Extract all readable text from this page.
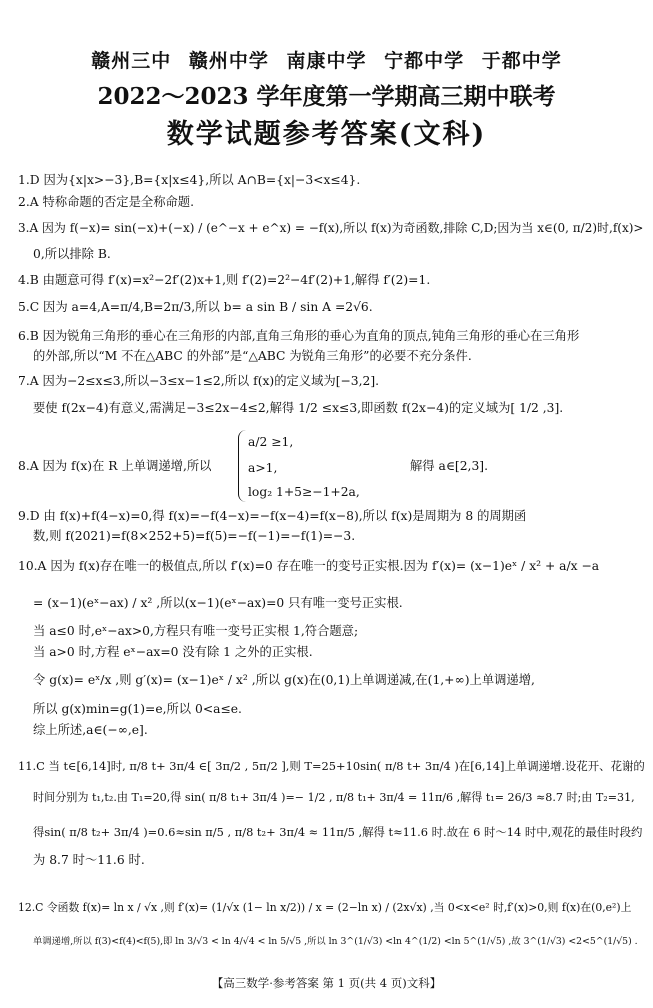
赣州三中 赣州中学 南康中学 宁都中学 于都中学
2022～2023 学年度第一学期高三期中联考
数学试题参考答案(文科)
1.D 因为{x|x>−3},B={x|x≤4},所以 A∩B={x|−3<x≤4}.
2.A 特称命题的否定是全称命题.
3.A 因为 f(−x)= sin(−x)+(−x) / (e^−x + e^x) = −f(x),所以 f(x)为奇函数,排除 C,D;因为当 x∈(0, π/2)时,f(x)>
0,所以排除 B.
4.B 由题意可得 f′(x)=x²−2f′(2)x+1,则 f′(2)=2²−4f′(2)+1,解得 f′(2)=1.
5.C 因为 a=4,A=π/4,B=2π/3,所以 b= a sin B / sin A =2√6.
6.B 因为锐角三角形的垂心在三角形的内部,直角三角形的垂心为直角的顶点,钝角三角形的垂心在三角形
的外部,所以“M 不在△ABC 的外部”是“△ABC 为锐角三角形”的必要不充分条件.
7.A 因为−2≤x≤3,所以−3≤x−1≤2,所以 f(x)的定义域为[−3,2].
要使 f(2x−4)有意义,需满足−3≤2x−4≤2,解得 1/2 ≤x≤3,即函数 f(2x−4)的定义域为[ 1/2 ,3].
8.A 因为 f(x)在 R 上单调递增,所以
a/2 ≥1,
a>1,
log₂ 1+5≥−1+2a,
解得 a∈[2,3].
9.D 由 f(x)+f(4−x)=0,得 f(x)=−f(4−x)=−f(x−4)=f(x−8),所以 f(x)是周期为 8 的周期函
数,则 f(2021)=f(8×252+5)=f(5)=−f(−1)=−f(1)=−3.
10.A 因为 f(x)存在唯一的极值点,所以 f′(x)=0 存在唯一的变号正实根.因为 f′(x)= (x−1)eˣ / x² + a/x −a
= (x−1)(eˣ−ax) / x² ,所以(x−1)(eˣ−ax)=0 只有唯一变号正实根.
当 a≤0 时,eˣ−ax>0,方程只有唯一变号正实根 1,符合题意;
当 a>0 时,方程 eˣ−ax=0 没有除 1 之外的正实根.
令 g(x)= eˣ/x ,则 g′(x)= (x−1)eˣ / x² ,所以 g(x)在(0,1)上单调递减,在(1,+∞)上单调递增,
所以 g(x)min=g(1)=e,所以 0<a≤e.
综上所述,a∈(−∞,e].
11.C 当 t∈[6,14]时, π/8 t+ 3π/4 ∈[ 3π/2 , 5π/2 ],则 T=25+10sin( π/8 t+ 3π/4 )在[6,14]上单调递增.设花开、花谢的
时间分别为 t₁,t₂.由 T₁=20,得 sin( π/8 t₁+ 3π/4 )=− 1/2 , π/8 t₁+ 3π/4 = 11π/6 ,解得 t₁= 26/3 ≈8.7 时;由 T₂=31,
得sin( π/8 t₂+ 3π/4 )=0.6≈sin π/5 , π/8 t₂+ 3π/4 ≈ 11π/5 ,解得 t≈11.6 时.故在 6 时～14 时中,观花的最佳时段约
为 8.7 时～11.6 时.
12.C 令函数 f(x)= ln x / √x ,则 f′(x)= (1/√x (1− ln x/2)) / x = (2−ln x) / (2x√x) ,当 0<x<e² 时,f′(x)>0,则 f(x)在(0,e²)上
单调递增,所以 f(3)<f(4)<f(5),即 ln 3/√3 < ln 4/√4 < ln 5/√5 ,所以 ln 3^(1/√3) <ln 4^(1/2) <ln 5^(1/√5) ,故 3^(1/√3) <2<5^(1/√5) .
【高三数学·参考答案 第 1 页(共 4 页)文科】
